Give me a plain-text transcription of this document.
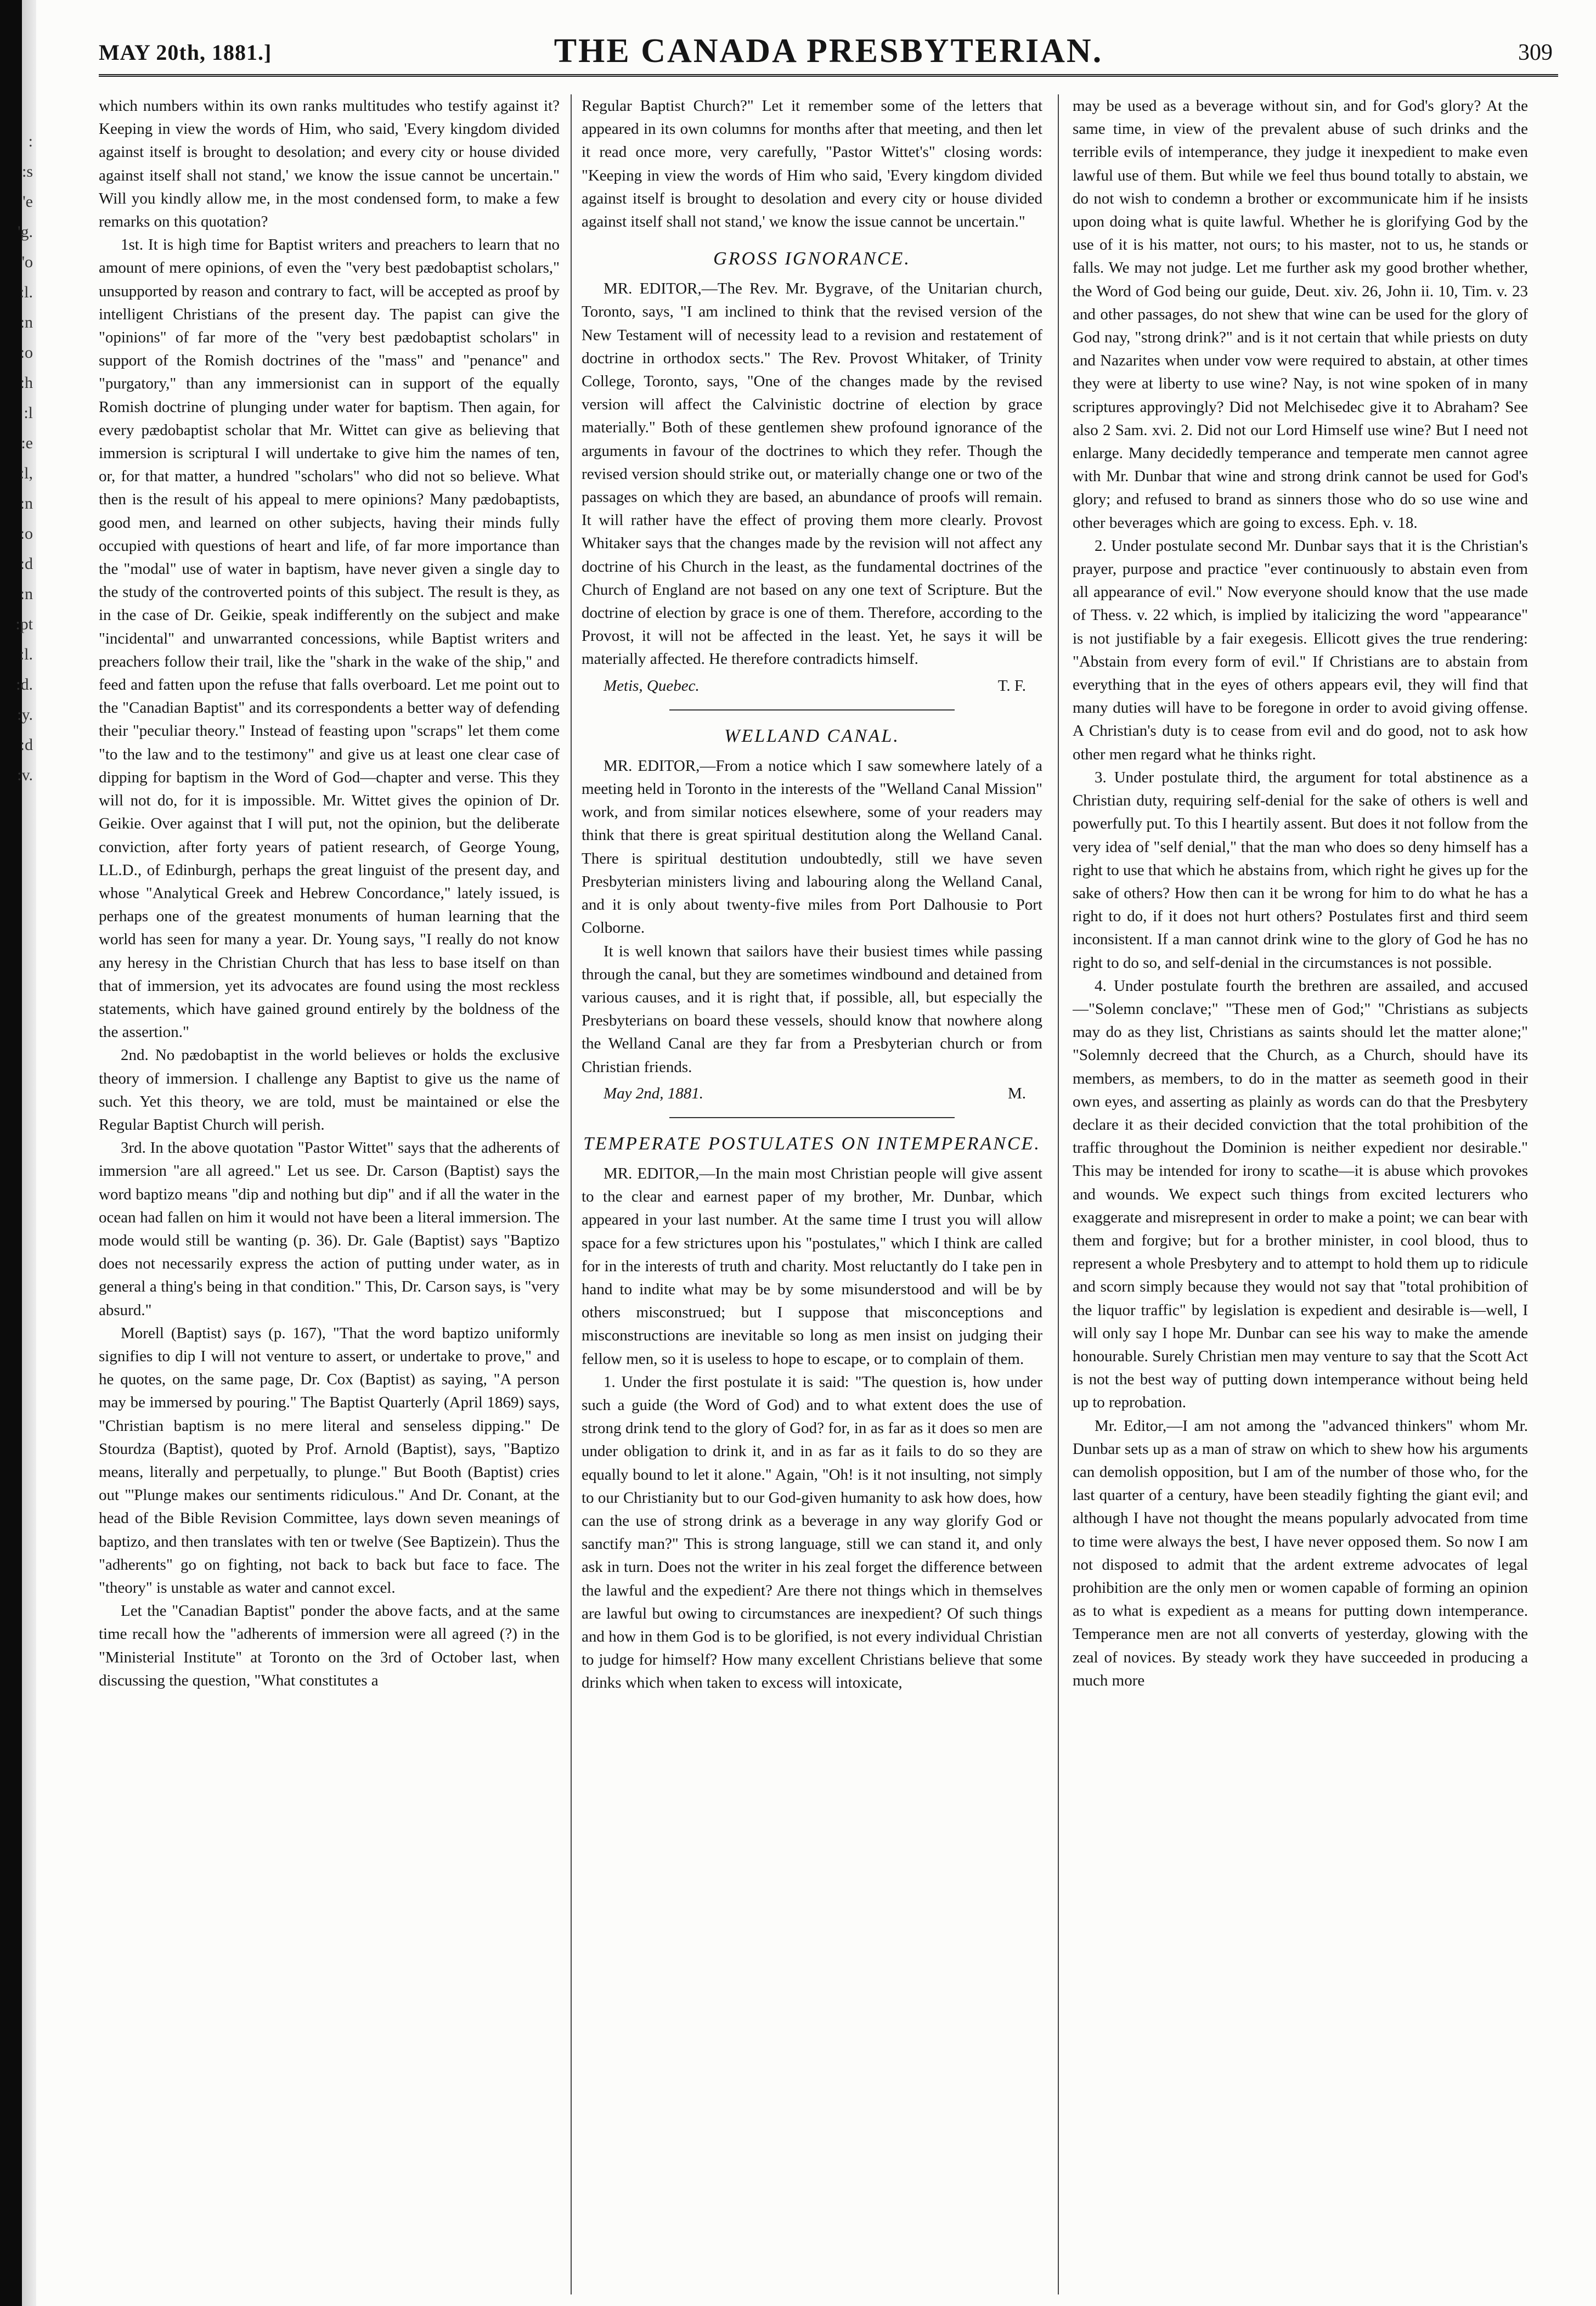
:
:s
'e
'g.
'o
:l.
:n
:o
:h
:l
:e
:l,
:n
:o
:d
:n
:pt
:l.
:d.
:y.
:d
:v.
MAY 20th, 1881.]	THE CANADA PRESBYTERIAN.	309

which numbers within its own ranks multitudes who testify against it? Keeping in view the words of Him, who said, 'Every kingdom divided against itself is brought to desolation; and every city or house divided against itself shall not stand,' we know the issue cannot be uncertain." Will you kindly allow me, in the most condensed form, to make a few remarks on this quotation?

1st. It is high time for Baptist writers and preachers to learn that no amount of mere opinions, of even the "very best pædobaptist scholars," unsupported by reason and contrary to fact, will be accepted as proof by intelligent Christians of the present day. The papist can give the "opinions" of far more of the "very best pædobaptist scholars" in support of the Romish doctrines of the "mass" and "penance" and "purgatory," than any immersionist can in support of the equally Romish doctrine of plunging under water for baptism. Then again, for every pædobaptist scholar that Mr. Wittet can give as believing that immersion is scriptural I will undertake to give him the names of ten, or, for that matter, a hundred "scholars" who did not so believe. What then is the result of his appeal to mere opinions? Many pædobaptists, good men, and learned on other subjects, having their minds fully occupied with questions of heart and life, of far more importance than the "modal" use of water in baptism, have never given a single day to the study of the controverted points of this subject. The result is they, as in the case of Dr. Geikie, speak indifferently on the subject and make "incidental" and unwarranted concessions, while Baptist writers and preachers follow their trail, like the "shark in the wake of the ship," and feed and fatten upon the refuse that falls overboard. Let me point out to the "Canadian Baptist" and its correspondents a better way of defending their "peculiar theory." Instead of feasting upon "scraps" let them come "to the law and to the testimony" and give us at least one clear case of dipping for baptism in the Word of God—chapter and verse. This they will not do, for it is impossible. Mr. Wittet gives the opinion of Dr. Geikie. Over against that I will put, not the opinion, but the deliberate conviction, after forty years of patient research, of George Young, LL.D., of Edinburgh, perhaps the great linguist of the present day, and whose "Analytical Greek and Hebrew Concordance," lately issued, is perhaps one of the greatest monuments of human learning that the world has seen for many a year. Dr. Young says, "I really do not know any heresy in the Christian Church that has less to base itself on than that of immersion, yet its advocates are found using the most reckless statements, which have gained ground entirely by the boldness of the the assertion."

2nd. No pædobaptist in the world believes or holds the exclusive theory of immersion. I challenge any Baptist to give us the name of such. Yet this theory, we are told, must be maintained or else the Regular Baptist Church will perish.

3rd. In the above quotation "Pastor Wittet" says that the adherents of immersion "are all agreed." Let us see. Dr. Carson (Baptist) says the word baptizo means "dip and nothing but dip" and if all the water in the ocean had fallen on him it would not have been a literal immersion. The mode would still be wanting (p. 36). Dr. Gale (Baptist) says "Baptizo does not necessarily express the action of putting under water, as in general a thing's being in that condition." This, Dr. Carson says, is "very absurd."

Morell (Baptist) says (p. 167), "That the word baptizo uniformly signifies to dip I will not venture to assert, or undertake to prove," and he quotes, on the same page, Dr. Cox (Baptist) as saying, "A person may be immersed by pouring." The Baptist Quarterly (April 1869) says, "Christian baptism is no mere literal and senseless dipping." De Stourdza (Baptist), quoted by Prof. Arnold (Baptist), says, "Baptizo means, literally and perpetually, to plunge." But Booth (Baptist) cries out "'Plunge makes our sentiments ridiculous." And Dr. Conant, at the head of the Bible Revision Committee, lays down seven meanings of baptizo, and then translates with ten or twelve (See Baptizein). Thus the "adherents" go on fighting, not back to back but face to face. The "theory" is unstable as water and cannot excel.

Let the "Canadian Baptist" ponder the above facts, and at the same time recall how the "adherents of immersion were all agreed (?) in the "Ministerial Institute" at Toronto on the 3rd of October last, when discussing the question, "What constitutes a

Regular Baptist Church?" Let it remember some of the letters that appeared in its own columns for months after that meeting, and then let it read once more, very carefully, "Pastor Wittet's" closing words: "Keeping in view the words of Him who said, 'Every kingdom divided against itself is brought to desolation and every city or house divided against itself shall not stand,' we know the issue cannot be uncertain."

GROSS IGNORANCE.

MR. EDITOR,—The Rev. Mr. Bygrave, of the Unitarian church, Toronto, says, "I am inclined to think that the revised version of the New Testament will of necessity lead to a revision and restatement of doctrine in orthodox sects." The Rev. Provost Whitaker, of Trinity College, Toronto, says, "One of the changes made by the revised version will affect the Calvinistic doctrine of election by grace materially." Both of these gentlemen shew profound ignorance of the arguments in favour of the doctrines to which they refer. Though the revised version should strike out, or materially change one or two of the passages on which they are based, an abundance of proofs will remain. It will rather have the effect of proving them more clearly. Provost Whitaker says that the changes made by the revision will not affect any doctrine of his Church in the least, as the fundamental doctrines of the Church of England are not based on any one text of Scripture. But the doctrine of election by grace is one of them. Therefore, according to the Provost, it will not be affected in the least. Yet, he says it will be materially affected. He therefore contradicts himself.

Metis, Quebec.	T. F.
WELLAND CANAL.

MR. EDITOR,—From a notice which I saw somewhere lately of a meeting held in Toronto in the interests of the "Welland Canal Mission" work, and from similar notices elsewhere, some of your readers may think that there is great spiritual destitution along the Welland Canal. There is spiritual destitution undoubtedly, still we have seven Presbyterian ministers living and labouring along the Welland Canal, and it is only about twenty-five miles from Port Dalhousie to Port Colborne.

It is well known that sailors have their busiest times while passing through the canal, but they are sometimes windbound and detained from various causes, and it is right that, if possible, all, but especially the Presbyterians on board these vessels, should know that nowhere along the Welland Canal are they far from a Presbyterian church or from Christian friends.

May 2nd, 1881.	M.
TEMPERATE POSTULATES ON INTEMPERANCE.

MR. EDITOR,—In the main most Christian people will give assent to the clear and earnest paper of my brother, Mr. Dunbar, which appeared in your last number. At the same time I trust you will allow space for a few strictures upon his "postulates," which I think are called for in the interests of truth and charity. Most reluctantly do I take pen in hand to indite what may be by some misunderstood and will be by others misconstrued; but I suppose that misconceptions and misconstructions are inevitable so long as men insist on judging their fellow men, so it is useless to hope to escape, or to complain of them.

1. Under the first postulate it is said: "The question is, how under such a guide (the Word of God) and to what extent does the use of strong drink tend to the glory of God? for, in as far as it does so men are under obligation to drink it, and in as far as it fails to do so they are equally bound to let it alone." Again, "Oh! is it not insulting, not simply to our Christianity but to our God-given humanity to ask how does, how can the use of strong drink as a beverage in any way glorify God or sanctify man?" This is strong language, still we can stand it, and only ask in turn. Does not the writer in his zeal forget the difference between the lawful and the expedient? Are there not things which in themselves are lawful but owing to circumstances are inexpedient? Of such things and how in them God is to be glorified, is not every individual Christian to judge for himself? How many excellent Christians believe that some drinks which when taken to excess will intoxicate,

may be used as a beverage without sin, and for God's glory? At the same time, in view of the prevalent abuse of such drinks and the terrible evils of intemperance, they judge it inexpedient to make even lawful use of them. But while we feel thus bound totally to abstain, we do not wish to condemn a brother or excommunicate him if he insists upon doing what is quite lawful. Whether he is glorifying God by the use of it is his matter, not ours; to his master, not to us, he stands or falls. We may not judge. Let me further ask my good brother whether, the Word of God being our guide, Deut. xiv. 26, John ii. 10, Tim. v. 23 and other passages, do not shew that wine can be used for the glory of God nay, "strong drink?" and is it not certain that while priests on duty and Nazarites when under vow were required to abstain, at other times they were at liberty to use wine? Nay, is not wine spoken of in many scriptures approvingly? Did not Melchisedec give it to Abraham? See also 2 Sam. xvi. 2. Did not our Lord Himself use wine? But I need not enlarge. Many decidedly temperance and temperate men cannot agree with Mr. Dunbar that wine and strong drink cannot be used for God's glory; and refused to brand as sinners those who do so use wine and other beverages which are going to excess. Eph. v. 18.

2. Under postulate second Mr. Dunbar says that it is the Christian's prayer, purpose and practice "ever continuously to abstain even from all appearance of evil." Now everyone should know that the use made of Thess. v. 22 which, is implied by italicizing the word "appearance" is not justifiable by a fair exegesis. Ellicott gives the true rendering: "Abstain from every form of evil." If Christians are to abstain from everything that in the eyes of others appears evil, they will find that many duties will have to be foregone in order to avoid giving offense. A Christian's duty is to cease from evil and do good, not to ask how other men regard what he thinks right.

3. Under postulate third, the argument for total abstinence as a Christian duty, requiring self-denial for the sake of others is well and powerfully put. To this I heartily assent. But does it not follow from the very idea of "self denial," that the man who does so deny himself has a right to use that which he abstains from, which right he gives up for the sake of others? How then can it be wrong for him to do what he has a right to do, if it does not hurt others? Postulates first and third seem inconsistent. If a man cannot drink wine to the glory of God he has no right to do so, and self-denial in the circumstances is not possible.

4. Under postulate fourth the brethren are assailed, and accused—"Solemn conclave;" "These men of God;" "Christians as subjects may do as they list, Christians as saints should let the matter alone;" "Solemnly decreed that the Church, as a Church, should have its members, as members, to do in the matter as seemeth good in their own eyes, and asserting as plainly as words can do that the Presbytery declare it as their decided conviction that the total prohibition of the traffic throughout the Dominion is neither expedient nor desirable." This may be intended for irony to scathe—it is abuse which provokes and wounds. We expect such things from excited lecturers who exaggerate and misrepresent in order to make a point; we can bear with them and forgive; but for a brother minister, in cool blood, thus to represent a whole Presbytery and to attempt to hold them up to ridicule and scorn simply because they would not say that "total prohibition of the liquor traffic" by legislation is expedient and desirable is—well, I will only say I hope Mr. Dunbar can see his way to make the amende honourable. Surely Christian men may venture to say that the Scott Act is not the best way of putting down intemperance without being held up to reprobation.

Mr. Editor,—I am not among the "advanced thinkers" whom Mr. Dunbar sets up as a man of straw on which to shew how his arguments can demolish opposition, but I am of the number of those who, for the last quarter of a century, have been steadily fighting the giant evil; and although I have not thought the means popularly advocated from time to time were always the best, I have never opposed them. So now I am not disposed to admit that the ardent extreme advocates of legal prohibition are the only men or women capable of forming an opinion as to what is expedient as a means for putting down intemperance. Temperance men are not all converts of yesterday, glowing with the zeal of novices. By steady work they have succeeded in producing a much more
